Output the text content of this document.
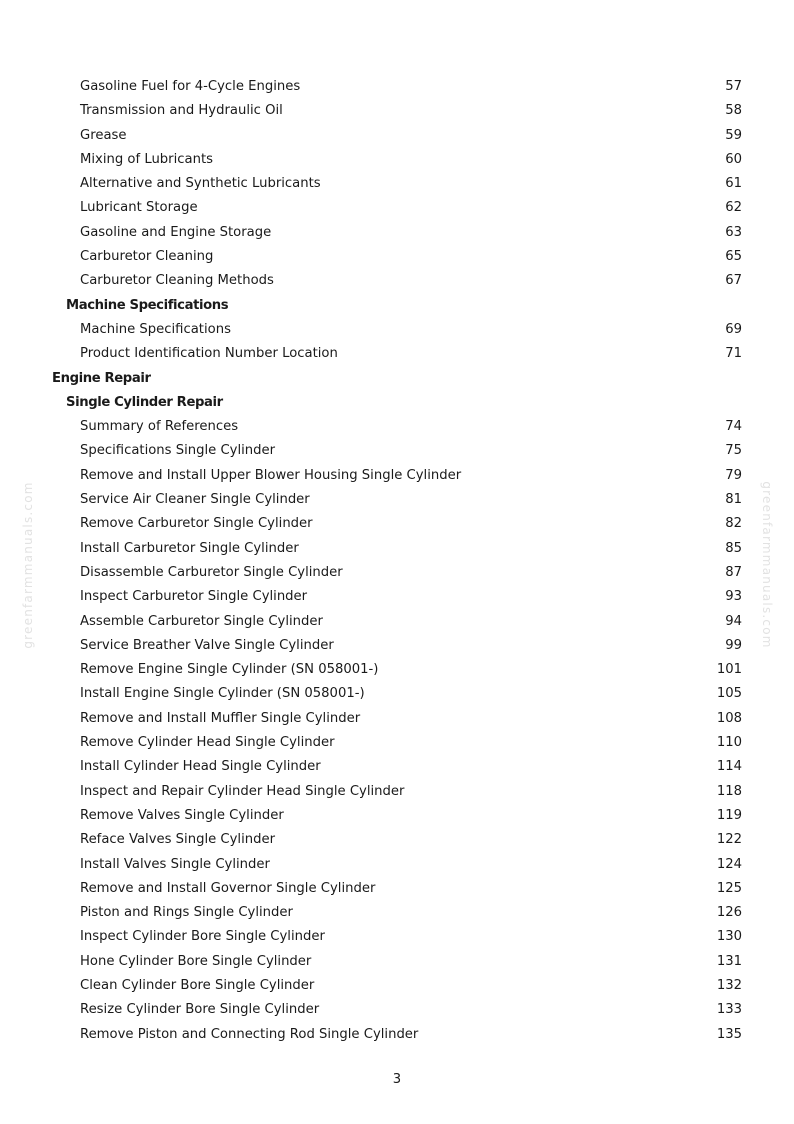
greenfarmmanuals.com	greenfarmmanuals.com
Gasoline Fuel for 4-Cycle Engines	57
Transmission and Hydraulic Oil	58
Grease	59
Mixing of Lubricants	60
Alternative and Synthetic Lubricants	61
Lubricant Storage	62
Gasoline and Engine Storage	63
Carburetor Cleaning	65
Carburetor Cleaning Methods	67
Machine Specifications
Machine Specifications	69
Product Identification Number Location	71
Engine Repair
Single Cylinder Repair
Summary of References	74
Specifications Single Cylinder	75
Remove and Install Upper Blower Housing Single Cylinder	79
Service Air Cleaner Single Cylinder	81
Remove Carburetor Single Cylinder	82
Install Carburetor Single Cylinder	85
Disassemble Carburetor Single Cylinder	87
Inspect Carburetor Single Cylinder	93
Assemble Carburetor Single Cylinder	94
Service Breather Valve Single Cylinder	99
Remove Engine Single Cylinder (SN 058001-)	101
Install Engine Single Cylinder (SN 058001-)	105
Remove and Install Muffler Single Cylinder	108
Remove Cylinder Head Single Cylinder	110
Install Cylinder Head Single Cylinder	114
Inspect and Repair Cylinder Head Single Cylinder	118
Remove Valves Single Cylinder	119
Reface Valves Single Cylinder	122
Install Valves Single Cylinder	124
Remove and Install Governor Single Cylinder	125
Piston and Rings Single Cylinder	126
Inspect Cylinder Bore Single Cylinder	130
Hone Cylinder Bore Single Cylinder	131
Clean Cylinder Bore Single Cylinder	132
Resize Cylinder Bore Single Cylinder	133
Remove Piston and Connecting Rod Single Cylinder	135
3
